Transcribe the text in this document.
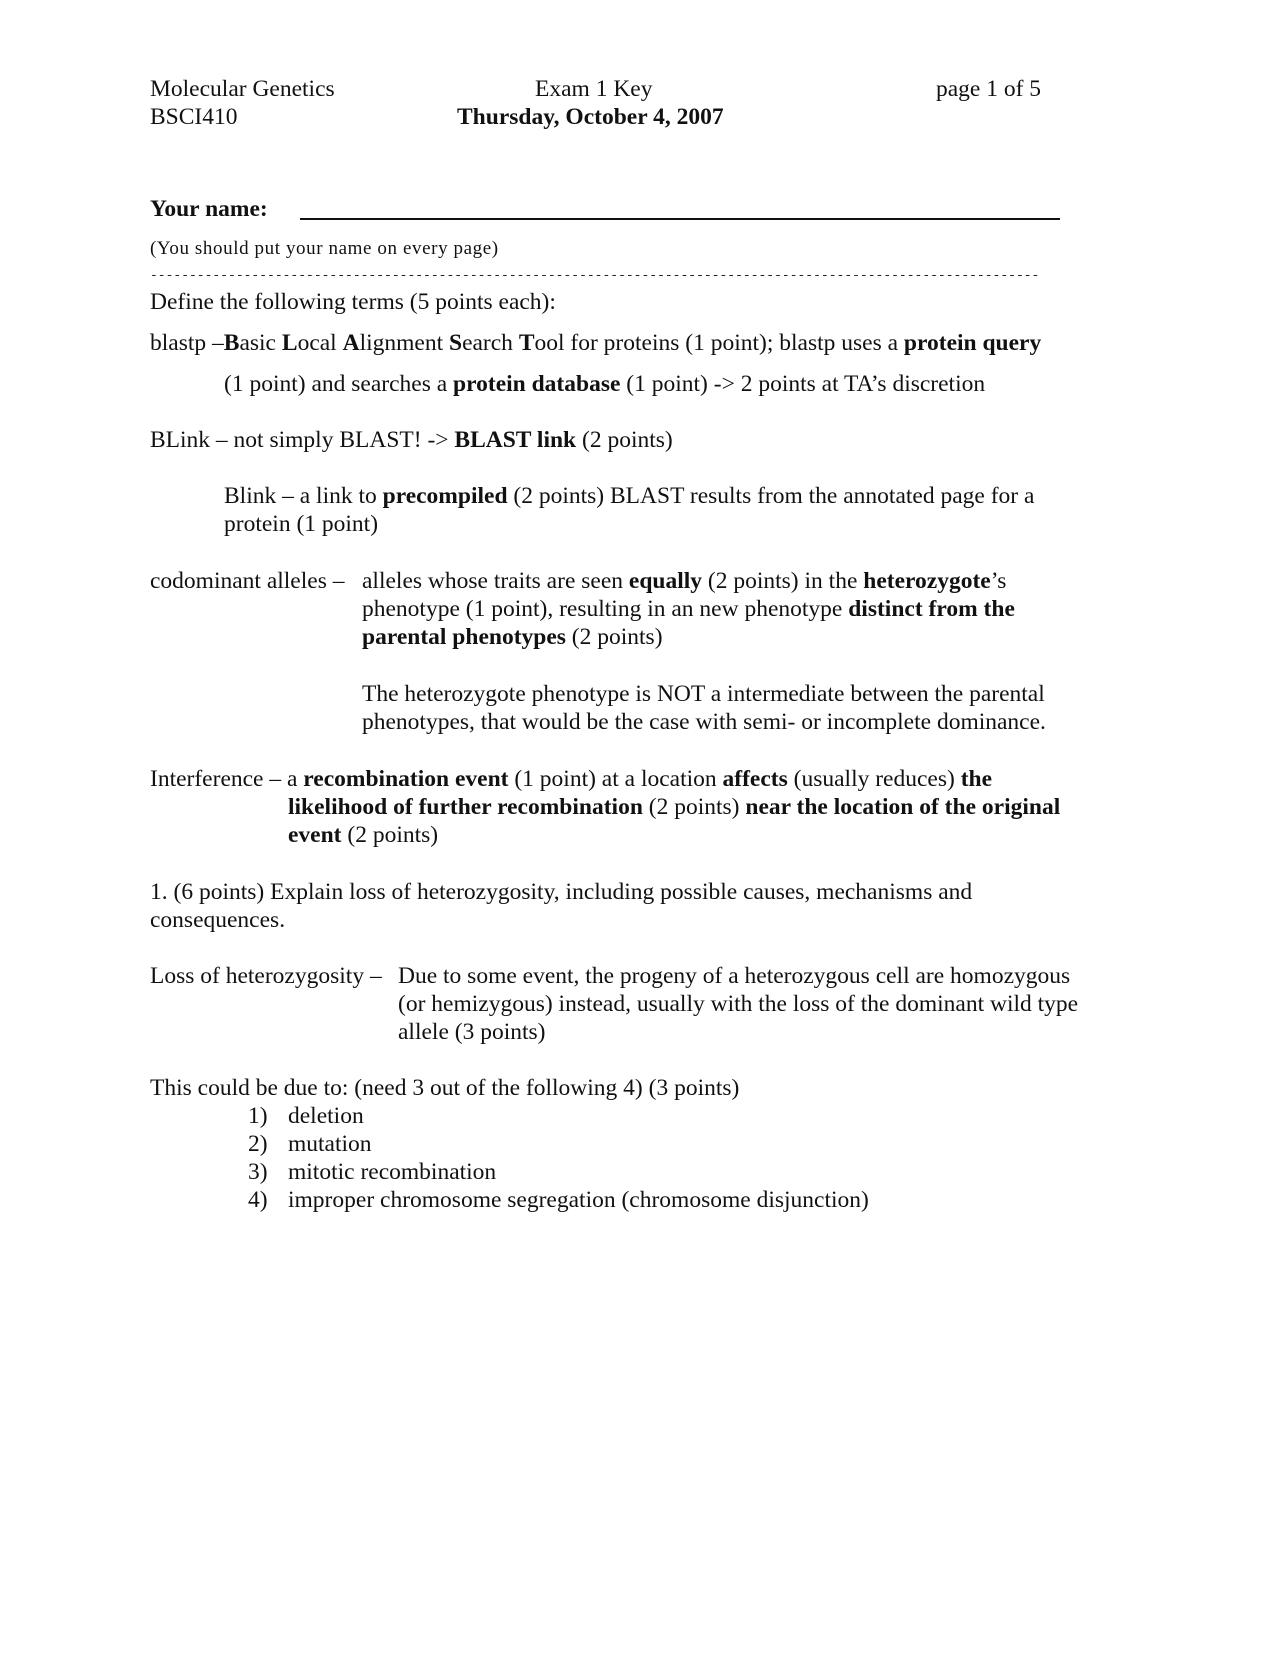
Molecular Genetics
BSCI410
Exam 1 Key
Thursday, October 4, 2007
page 1 of 5
Your name:
(You should put your name on every page)
------------------------------------------------------------------------------------------------------------------
Define the following terms (5 points each):
blastp –Basic Local Alignment Search Tool for proteins (1 point); blastp uses a protein query
(1 point) and searches a protein database (1 point) -> 2 points at TA’s discretion
BLink – not simply BLAST! -> BLAST link (2 points)
Blink – a link to precompiled (2 points) BLAST results from the annotated page for a
protein (1 point)
codominant alleles – alleles whose traits are seen equally (2 points) in the heterozygote’s
phenotype (1 point), resulting in an new phenotype distinct from the
parental phenotypes (2 points)
The heterozygote phenotype is NOT a intermediate between the parental
phenotypes, that would be the case with semi- or incomplete dominance.
Interference – a recombination event (1 point) at a location affects (usually reduces) the
likelihood of further recombination (2 points) near the location of the original
event (2 points)
1. (6 points) Explain loss of heterozygosity, including possible causes, mechanisms and
consequences.
Loss of heterozygosity – Due to some event, the progeny of a heterozygous cell are homozygous
(or hemizygous) instead, usually with the loss of the dominant wild type
allele (3 points)
This could be due to: (need 3 out of the following 4) (3 points)
1) deletion
2) mutation
3) mitotic recombination
4) improper chromosome segregation (chromosome disjunction)
